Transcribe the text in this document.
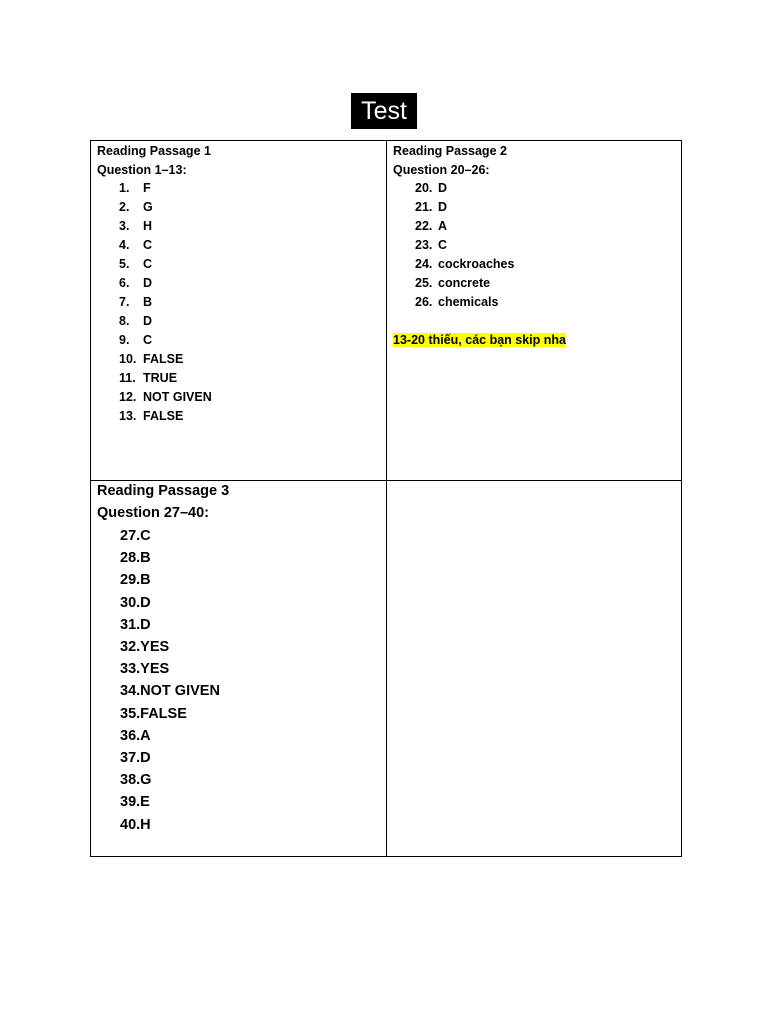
Test 1
Reading Passage 1
Question 1–13:
1. F
2. G
3. H
4. C
5. C
6. D
7. B
8. D
9. C
10. FALSE
11. TRUE
12. NOT GIVEN
13. FALSE
Reading Passage 2
Question 20–26:
20. D
21. D
22. A
23. C
24. cockroaches
25. concrete
26. chemicals
13-20 thiếu, các bạn skip nha
Reading Passage 3
Question 27–40:
27.C
28.B
29.B
30.D
31.D
32.YES
33.YES
34.NOT GIVEN
35.FALSE
36.A
37.D
38.G
39.E
40.H
